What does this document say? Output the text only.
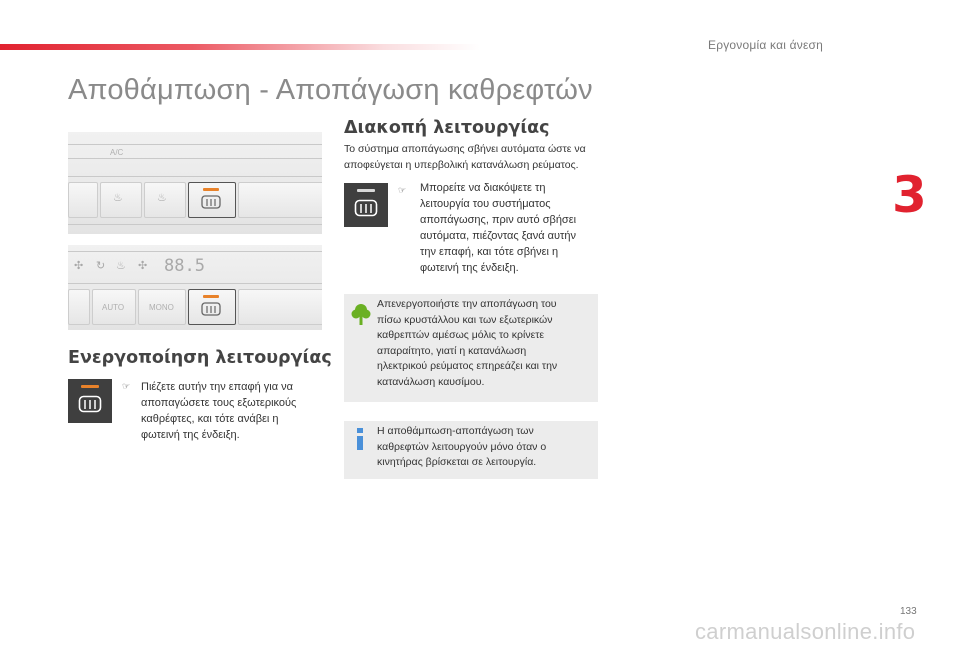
Εργονομία και άνεση
3
Αποθάμπωση - Αποπάγωση καθρεφτών
A/C
♨	♨
✣ ↻ ♨ ✣ 88.5
AUTO	MONO
Ενεργοποίηση λειτουργίας
☞ Πιέζετε αυτήν την επαφή για να
αποπαγώσετε τους εξωτερικούς
καθρέφτες, και τότε ανάβει η
φωτεινή της ένδειξη.
Διακοπή λειτουργίας
Το σύστημα αποπάγωσης σβήνει αυτόματα ώστε να
αποφεύγεται η υπερβολική κατανάλωση ρεύματος.
☞ Μπορείτε να διακόψετε τη
λειτουργία του συστήματος
αποπάγωσης, πριν αυτό σβήσει
αυτόματα, πιέζοντας ξανά αυτήν
την επαφή, και τότε σβήνει η
φωτεινή της ένδειξη.
Απενεργοποιήστε την αποπάγωση του
πίσω κρυστάλλου και των εξωτερικών
καθρεπτών αμέσως μόλις το κρίνετε
απαραίτητο, γιατί η κατανάλωση
ηλεκτρικού ρεύματος επηρεάζει και την
κατανάλωση καυσίμου.
Η αποθάμπωση-αποπάγωση των
καθρεφτών λειτουργούν μόνο όταν ο
κινητήρας βρίσκεται σε λειτουργία.
133
carmanualsonline.info
